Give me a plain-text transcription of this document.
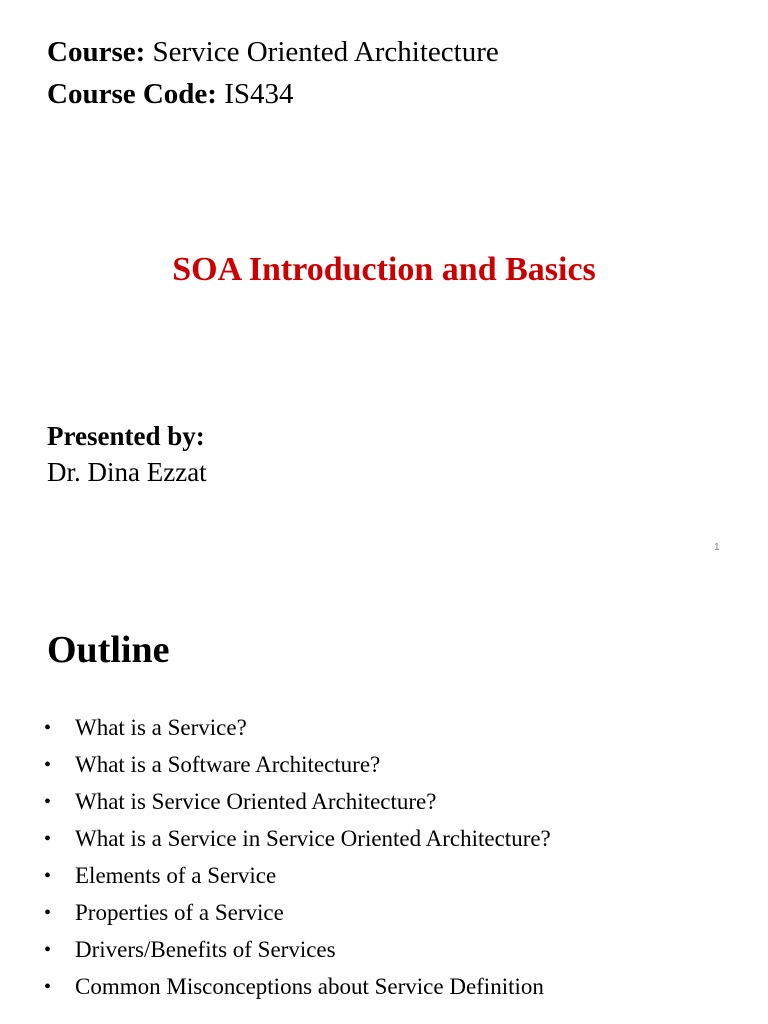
Course: Service Oriented Architecture
Course Code: IS434
SOA Introduction and Basics
Presented by:
Dr. Dina Ezzat
1
Outline
• What is a Service?
• What is a Software Architecture?
• What is Service Oriented Architecture?
• What is a Service in Service Oriented Architecture?
• Elements of a Service
• Properties of a Service
• Drivers/Benefits of Services
• Common Misconceptions about Service Definition
